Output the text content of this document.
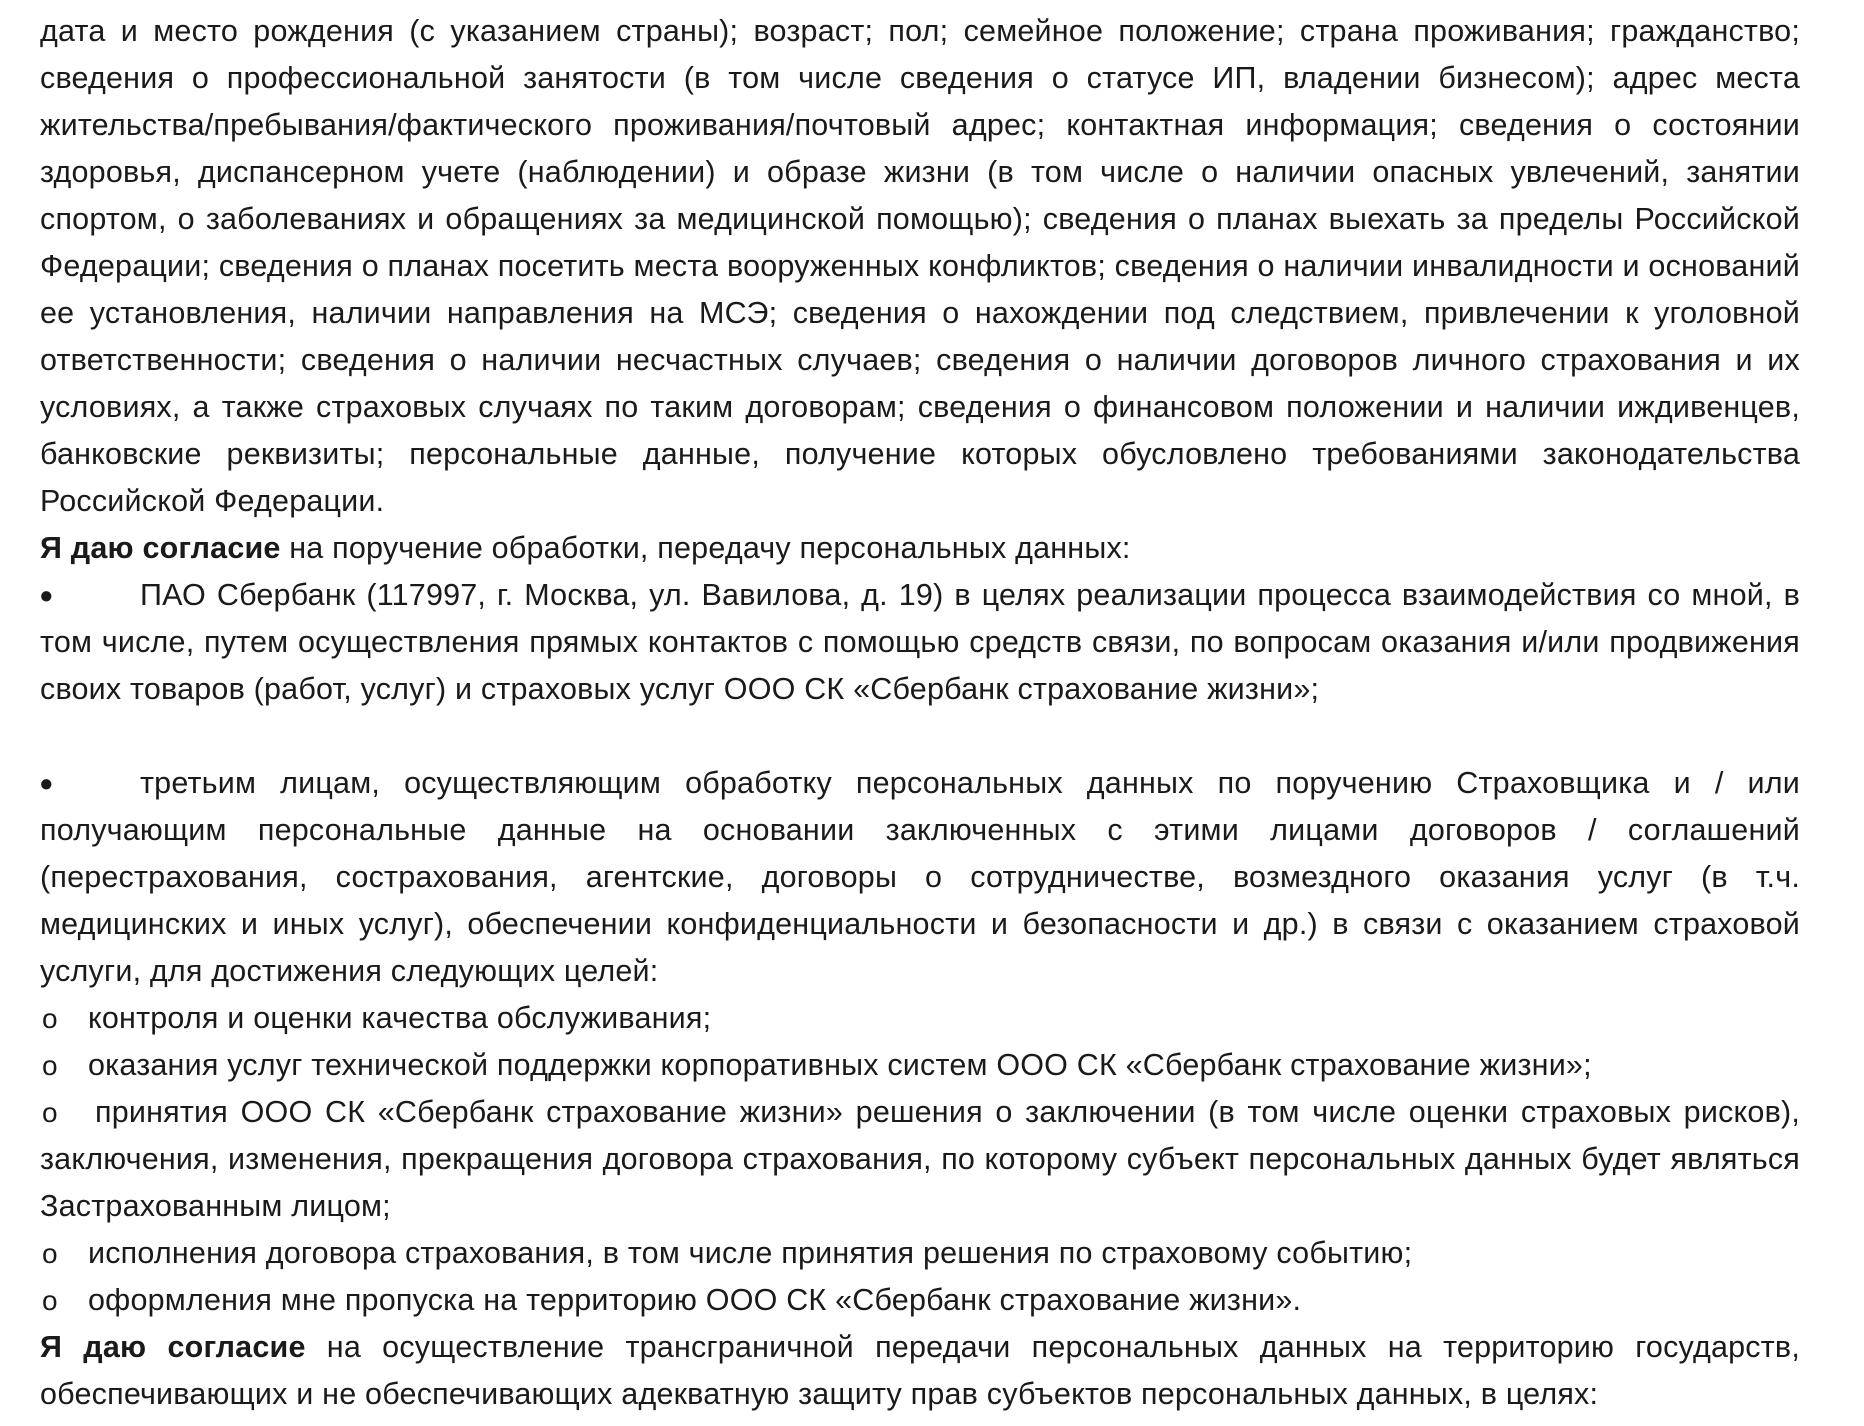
дата и место рождения (с указанием страны); возраст; пол; семейное положение; страна проживания; гражданство; сведения о профессиональной занятости (в том числе сведения о статусе ИП, владении бизнесом); адрес места жительства/пребывания/фактического проживания/почтовый адрес; контактная информация; сведения о состоянии здоровья, диспансерном учете (наблюдении) и образе жизни (в том числе о наличии опасных увлечений, занятии спортом, о заболеваниях и обращениях за медицинской помощью); сведения о планах выехать за пределы Российской Федерации; сведения о планах посетить места вооруженных конфликтов; сведения о наличии инвалидности и оснований ее установления, наличии направления на МСЭ; сведения о нахождении под следствием, привлечении к уголовной ответственности; сведения о наличии несчастных случаев; сведения о наличии договоров личного страхования и их условиях, а также страховых случаях по таким договорам; сведения о финансовом положении и наличии иждивенцев, банковские реквизиты; персональные данные, получение которых обусловлено требованиями законодательства Российской Федерации.

Я даю согласие на поручение обработки, передачу персональных данных:

•	ПАО Сбербанк (117997, г. Москва, ул. Вавилова, д. 19) в целях реализации процесса взаимодействия со мной, в том числе, путем осуществления прямых контактов с помощью средств связи, по вопросам оказания и/или продвижения своих товаров (работ, услуг) и страховых услуг ООО СК «Сбербанк страхование жизни»;

•	третьим лицам, осуществляющим обработку персональных данных по поручению Страховщика и / или получающим персональные данные на основании заключенных с этими лицами договоров / соглашений (перестрахования, сострахования, агентские, договоры о сотрудничестве, возмездного оказания услуг (в т.ч. медицинских и иных услуг), обеспечении конфиденциальности и безопасности и др.) в связи с оказанием страховой услуги, для достижения следующих целей:

o контроля и оценки качества обслуживания;

o оказания услуг технической поддержки корпоративных систем ООО СК «Сбербанк страхование жизни»;

o принятия ООО СК «Сбербанк страхование жизни» решения о заключении (в том числе оценки страховых рисков), заключения, изменения, прекращения договора страхования, по которому субъект персональных данных будет являться Застрахованным лицом;

o исполнения договора страхования, в том числе принятия решения по страховому событию;

o оформления мне пропуска на территорию ООО СК «Сбербанк страхование жизни».

Я даю согласие на осуществление трансграничной передачи персональных данных на территорию государств, обеспечивающих и не обеспечивающих адекватную защиту прав субъектов персональных данных, в целях:
